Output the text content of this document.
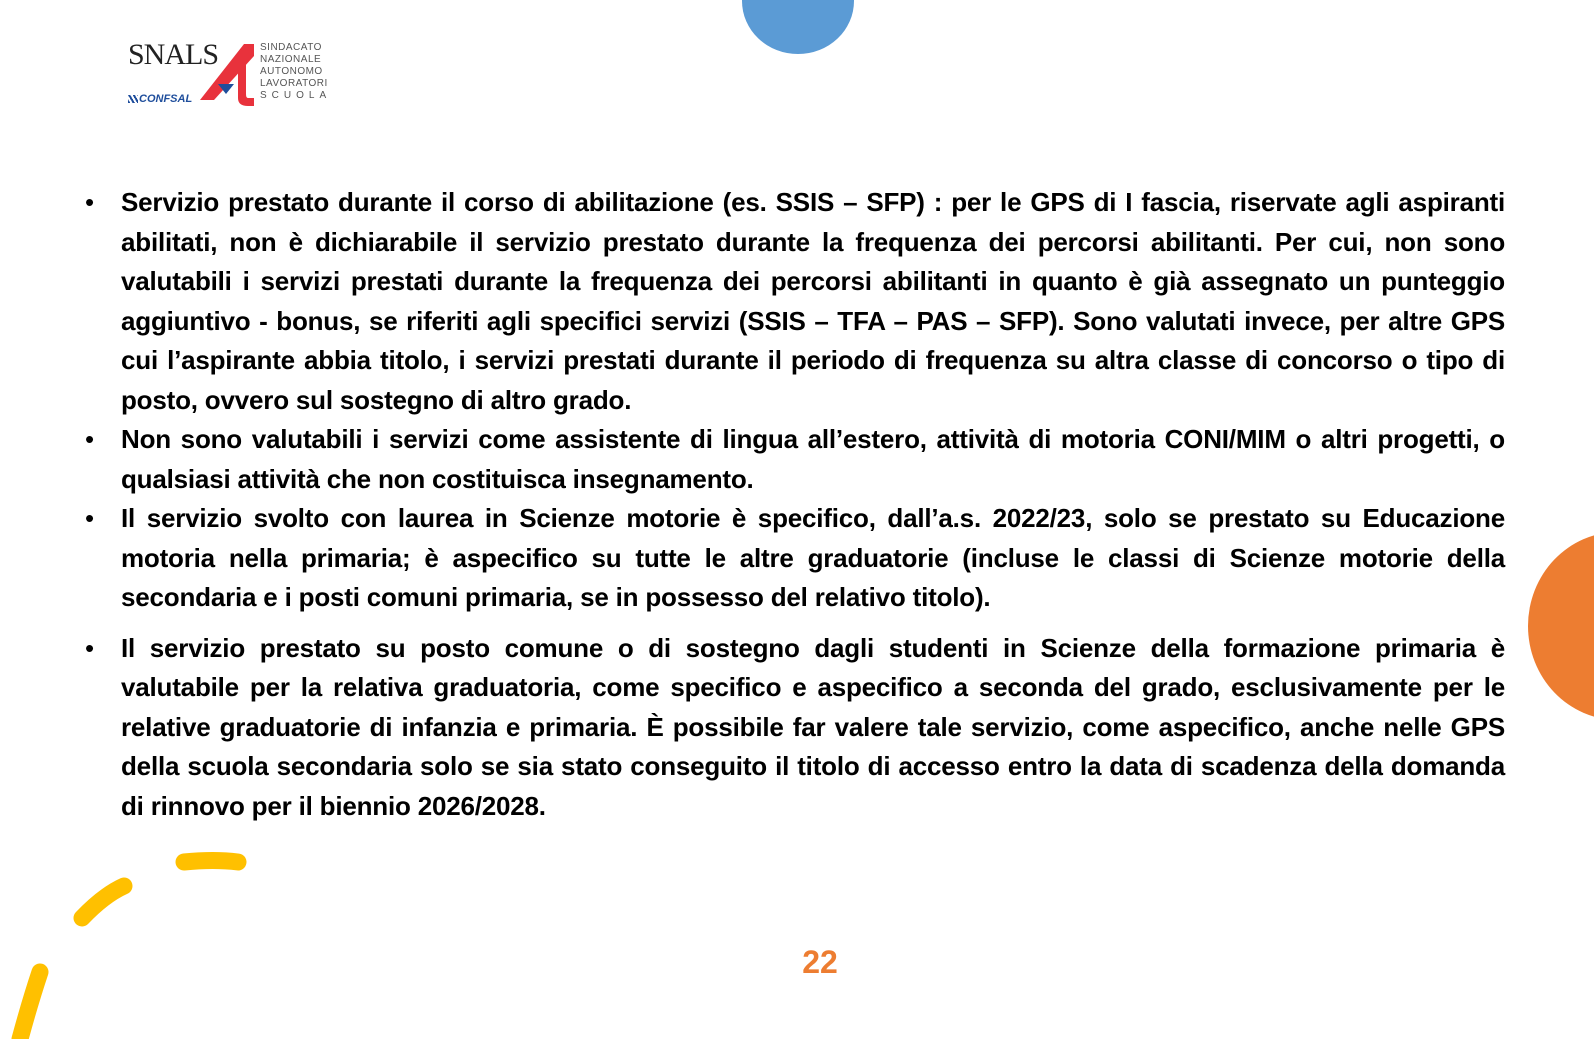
SNALS	SINDACATO
NAZIONALE
AUTONOMO
LAVORATORI
SCUOLA
CONFSAL
• Servizio prestato durante il corso di abilitazione (es. SSIS – SFP) : per le GPS di I fascia, riservate agli aspiranti abilitati, non è dichiarabile il servizio prestato durante la frequenza dei percorsi abilitanti. Per cui, non sono valutabili i servizi prestati durante la frequenza dei percorsi abilitanti in quanto è già assegnato un punteggio aggiuntivo - bonus, se riferiti agli specifici servizi (SSIS – TFA – PAS – SFP). Sono valutati invece, per altre GPS cui l’aspirante abbia titolo, i servizi prestati durante il periodo di frequenza su altra classe di concorso o tipo di posto, ovvero sul sostegno di altro grado.
• Non sono valutabili i servizi come assistente di lingua all’estero, attività di motoria CONI/MIM o altri progetti, o qualsiasi attività che non costituisca insegnamento.
• Il servizio svolto con laurea in Scienze motorie è specifico, dall’a.s. 2022/23, solo se prestato su Educazione motoria nella primaria; è aspecifico su tutte le altre graduatorie (incluse le classi di Scienze motorie della secondaria e i posti comuni primaria, se in possesso del relativo titolo).
• Il servizio prestato su posto comune o di sostegno dagli studenti in Scienze della formazione primaria è valutabile per la relativa graduatoria, come specifico e aspecifico a seconda del grado, esclusivamente per le relative graduatorie di infanzia e primaria. È possibile far valere tale servizio, come aspecifico, anche nelle GPS della scuola secondaria solo se sia stato conseguito il titolo di accesso entro la data di scadenza della domanda di rinnovo per il biennio 2026/2028.
22
